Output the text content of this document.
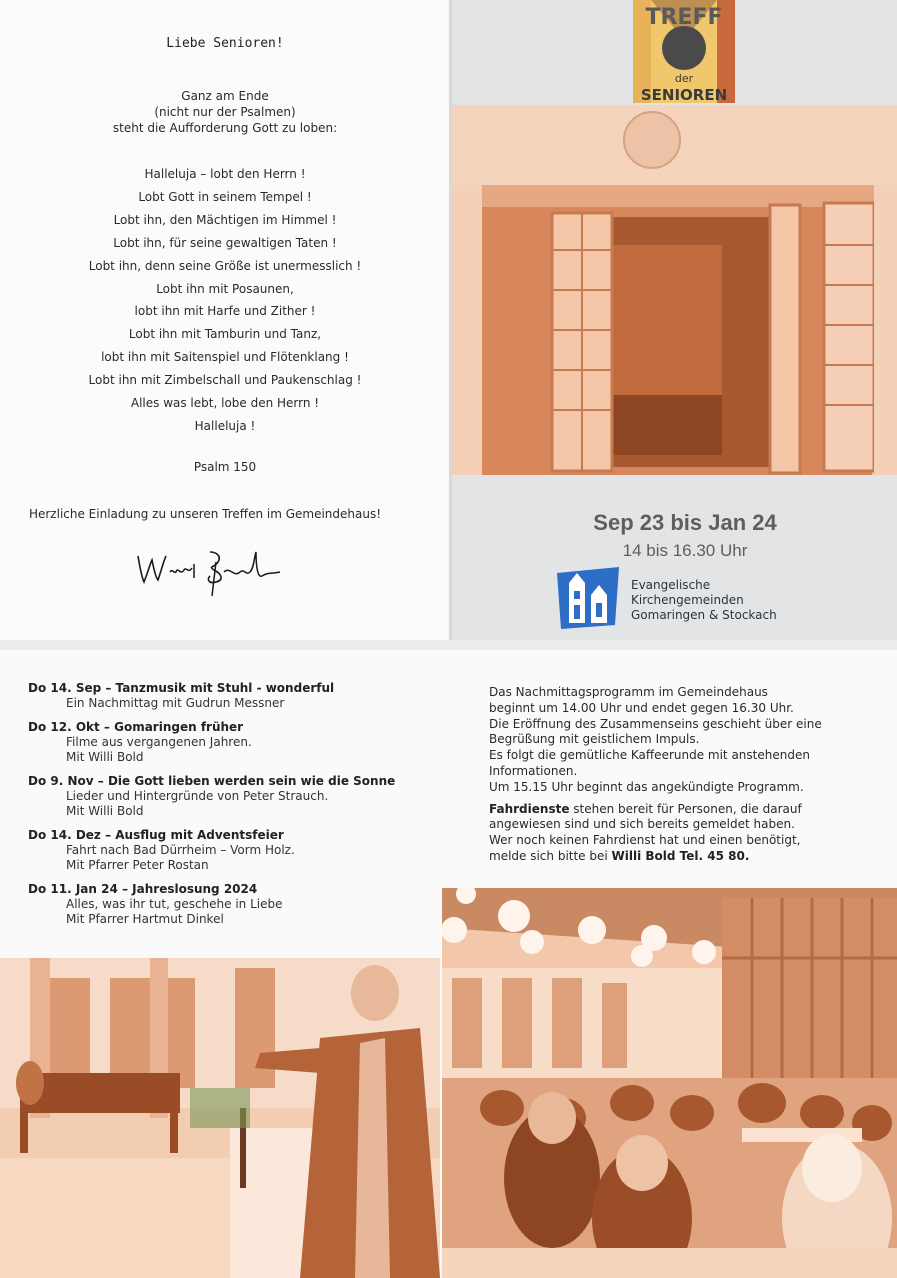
Liebe Senioren!
Ganz am Ende
(nicht nur der Psalmen)
steht die Aufforderung Gott zu loben:
Halleluja – lobt den Herrn !
Lobt Gott in seinem Tempel !
Lobt ihn, den Mächtigen im Himmel !
Lobt ihn, für seine gewaltigen Taten !
Lobt ihn, denn seine Größe ist unermesslich !
Lobt ihn mit Posaunen,
lobt ihn mit Harfe und Zither !
Lobt ihn mit Tamburin und Tanz,
lobt ihn mit Saitenspiel und Flötenklang !
Lobt ihn mit Zimbelschall und Paukenschlag !
Alles was lebt, lobe den Herrn !
Halleluja !
Psalm 150
Herzliche Einladung zu unseren Treffen im Gemeindehaus!
TREFF
der
SENIOREN
Sep 23 bis Jan 24
14 bis 16.30 Uhr
Evangelische
Kirchengemeinden
Gomaringen & Stockach
Do 14. Sep – Tanzmusik mit Stuhl - wonderful
Ein Nachmittag mit Gudrun Messner
Do 12. Okt – Gomaringen früher
Filme aus vergangenen Jahren.
Mit Willi Bold
Do 9. Nov – Die Gott lieben werden sein wie die Sonne
Lieder und Hintergründe von Peter Strauch.
Mit Willi Bold
Do 14. Dez – Ausflug mit Adventsfeier
Fahrt nach Bad Dürrheim – Vorm Holz.
Mit Pfarrer Peter Rostan
Do 11. Jan 24 – Jahreslosung 2024
Alles, was ihr tut, geschehe in Liebe
Mit Pfarrer Hartmut Dinkel

Das Nachmittagsprogramm im Gemeindehaus
beginnt um 14.00 Uhr und endet gegen 16.30 Uhr.
Die Eröffnung des Zusammenseins geschieht über eine
Begrüßung mit geistlichem Impuls.
Es folgt die gemütliche Kaffeerunde mit anstehenden
Informationen.
Um 15.15 Uhr beginnt das angekündigte Programm.

Fahrdienste stehen bereit für Personen, die darauf
angewiesen sind und sich bereits gemeldet haben.
Wer noch keinen Fahrdienst hat und einen benötigt,
melde sich bitte bei Willi Bold Tel. 45 80.
